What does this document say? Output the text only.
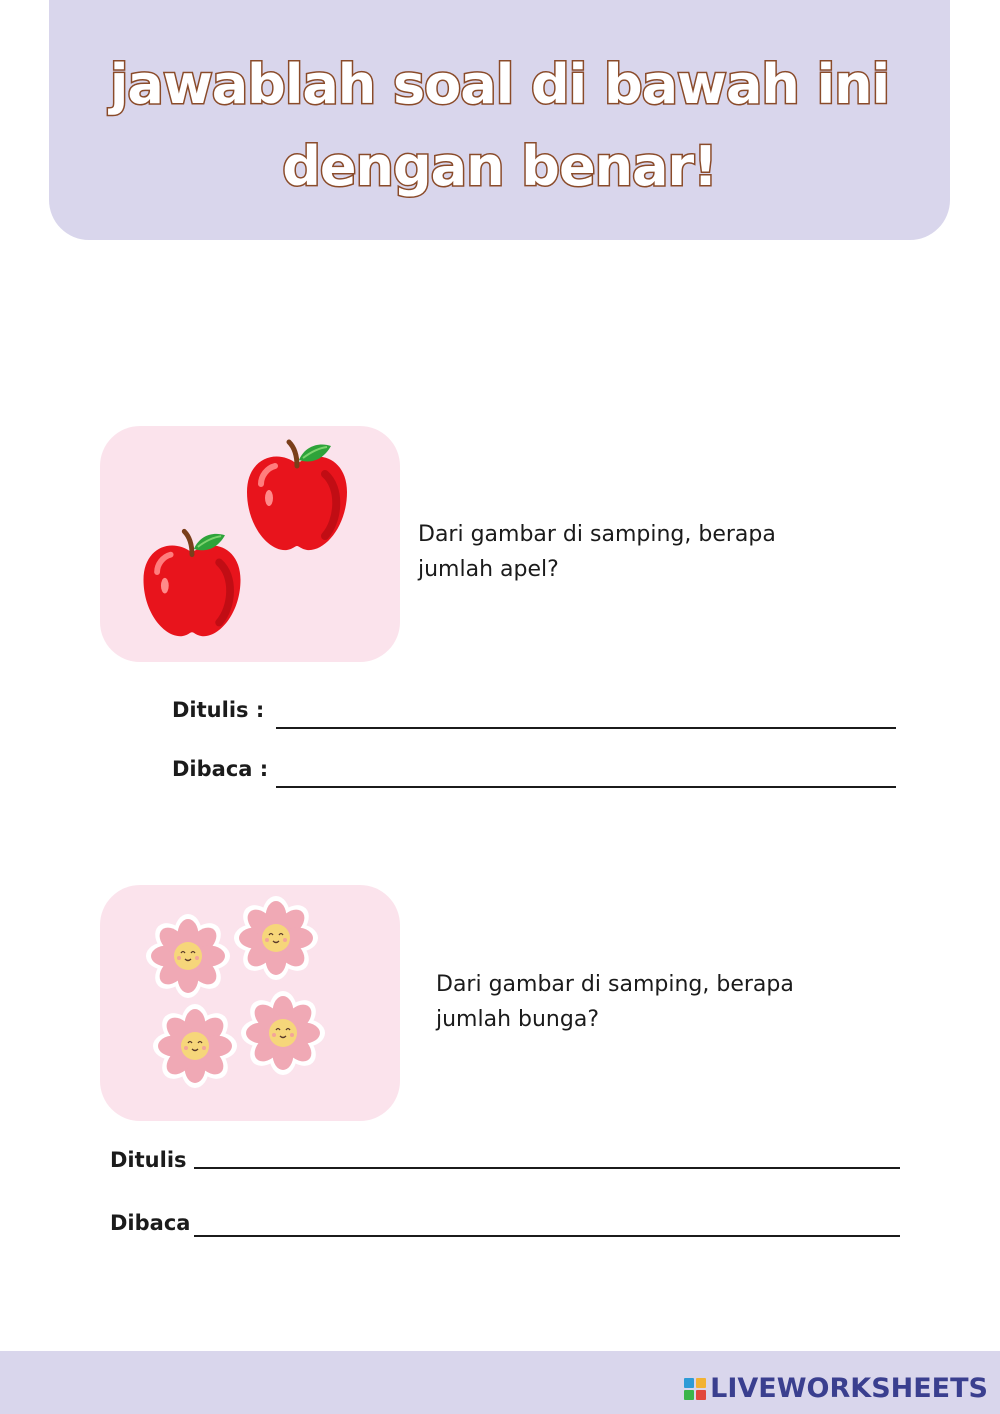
jawablah soal di bawah ini
dengan benar!

Dari gambar di samping, berapa
jumlah apel?

Ditulis :
Dibaca :

Dari gambar di samping, berapa
jumlah bunga?

Ditulis
Dibaca
LIVEWORKSHEETS
